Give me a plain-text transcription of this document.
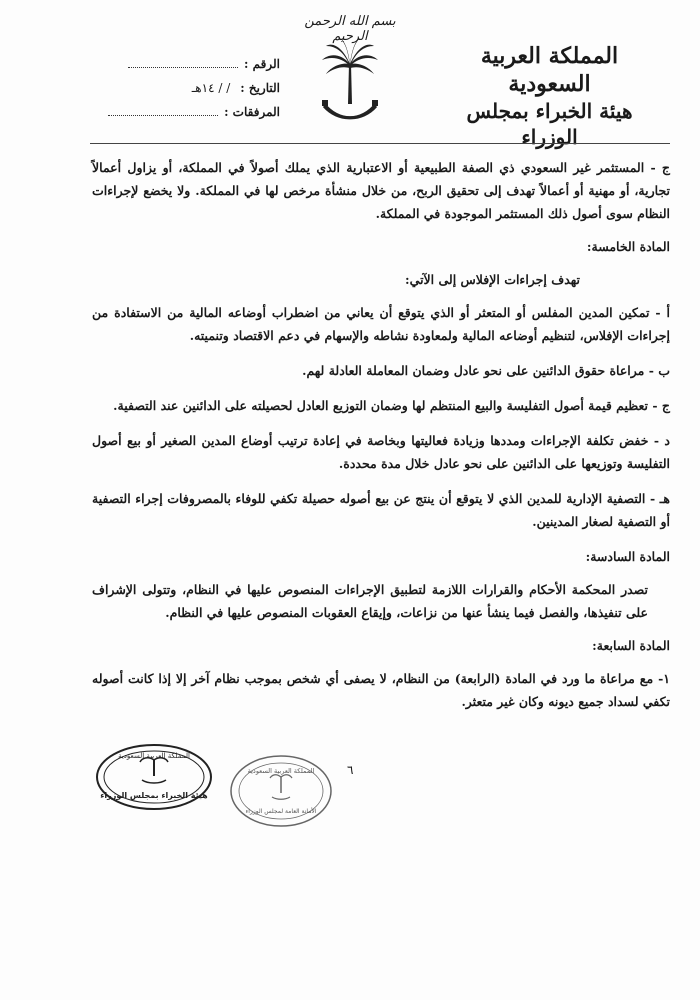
بسم الله الرحمن الرحيم
المملكة العربية السعودية
هيئة الخبراء بمجلس الوزراء
الرقم :
التاريخ :/ / ١٤هـ
المرفقات :

ج - المستثمر غير السعودي ذي الصفة الطبيعية أو الاعتبارية الذي يملك أصولاً في المملكة، أو يزاول أعمالاً تجارية، أو مهنية أو أعمالاً تهدف إلى تحقيق الربح، من خلال منشأة مرخص لها في المملكة. ولا يخضع لإجراءات النظام سوى أصول ذلك المستثمر الموجودة في المملكة.

المادة الخامسة:

تهدف إجراءات الإفلاس إلى الآتي:

أ - تمكين المدين المفلس أو المتعثر أو الذي يتوقع أن يعاني من اضطراب أوضاعه المالية من الاستفادة من إجراءات الإفلاس، لتنظيم أوضاعه المالية ولمعاودة نشاطه والإسهام في دعم الاقتصاد وتنميته.

ب - مراعاة حقوق الدائنين على نحو عادل وضمان المعاملة العادلة لهم.

ج - تعظيم قيمة أصول التفليسة والبيع المنتظم لها وضمان التوزيع العادل لحصيلته على الدائنين عند التصفية.

د - خفض تكلفة الإجراءات ومددها وزيادة فعاليتها وبخاصة في إعادة ترتيب أوضاع المدين الصغير أو بيع أصول التفليسة وتوزيعها على الدائنين على نحو عادل خلال مدة محددة.

هـ - التصفية الإدارية للمدين الذي لا يتوقع أن ينتج عن بيع أصوله حصيلة تكفي للوفاء بالمصروفات إجراء التصفية أو التصفية لصغار المدينين.

المادة السادسة:

تصدر المحكمة الأحكام والقرارات اللازمة لتطبيق الإجراءات المنصوص عليها في النظام، وتتولى الإشراف على تنفيذها، والفصل فيما ينشأ عنها من نزاعات، وإيقاع العقوبات المنصوص عليها في النظام.

المادة السابعة:

١- مع مراعاة ما ورد في المادة (الرابعة) من النظام، لا يصفى أي شخص بموجب نظام آخر إلا إذا كانت أصوله تكفي لسداد جميع ديونه وكان غير متعثر.

٦
المملكة العربية السعودية
هيئة الخبراء بمجلس الوزراء
المملكة العربية السعودية
الأمانة العامة لمجلس الوزراء
